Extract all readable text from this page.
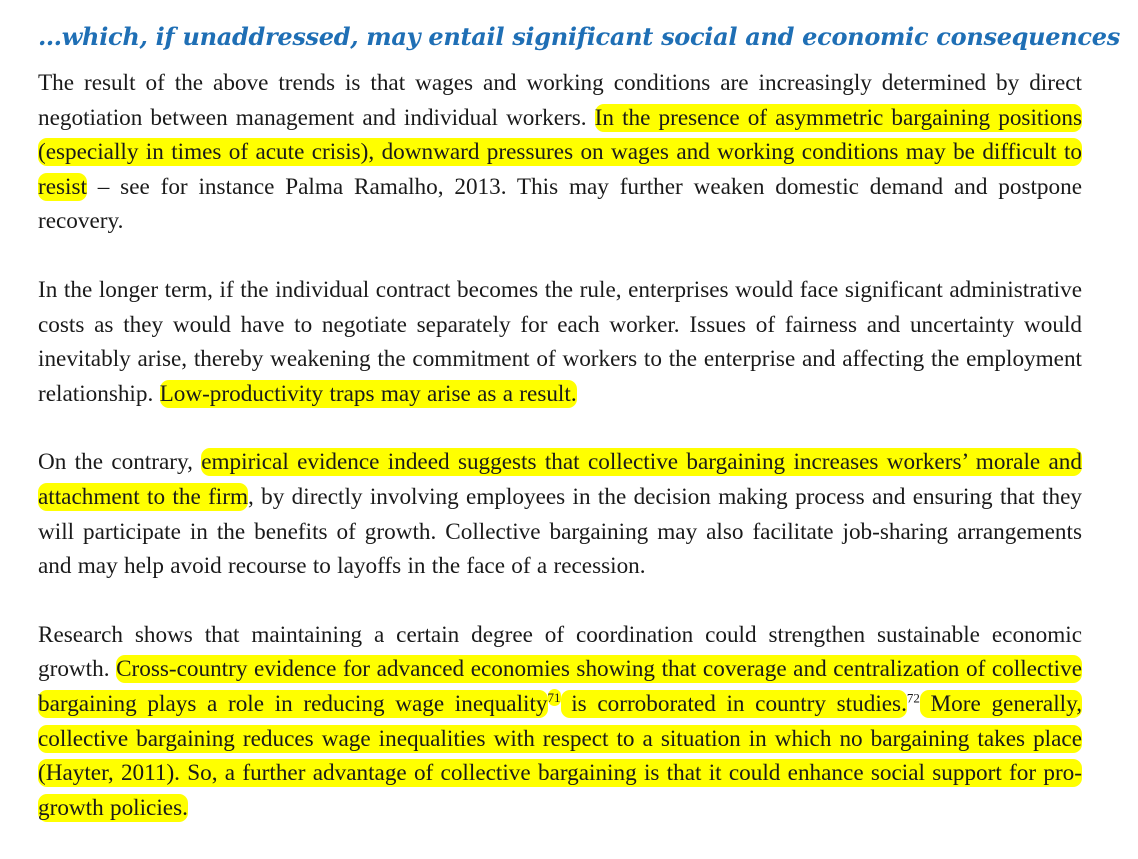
…which, if unaddressed, may entail significant social and economic consequences

The result of the above trends is that wages and working conditions are increasingly determined by direct negotiation between management and individual workers. In the presence of asymmetric bargaining positions (especially in times of acute crisis), downward pressures on wages and working conditions may be difficult to resist – see for instance Palma Ramalho, 2013. This may further weaken domestic demand and postpone recovery.

In the longer term, if the individual contract becomes the rule, enterprises would face significant administrative costs as they would have to negotiate separately for each worker. Issues of fairness and uncertainty would inevitably arise, thereby weakening the commitment of workers to the enterprise and affecting the employment relationship. Low-productivity traps may arise as a result.

On the contrary, empirical evidence indeed suggests that collective bargaining increases workers’ morale and attachment to the firm, by directly involving employees in the decision making process and ensuring that they will participate in the benefits of growth. Collective bargaining may also facilitate job-sharing arrangements and may help avoid recourse to layoffs in the face of a recession.

Research shows that maintaining a certain degree of coordination could strengthen sustainable economic growth. Cross-country evidence for advanced economies showing that coverage and centralization of collective bargaining plays a role in reducing wage inequality$^{71}$ is corroborated in country studies.$^{72}$ More generally, collective bargaining reduces wage inequalities with respect to a situation in which no bargaining takes place (Hayter, 2011). So, a further advantage of collective bargaining is that it could enhance social support for pro-growth policies.
